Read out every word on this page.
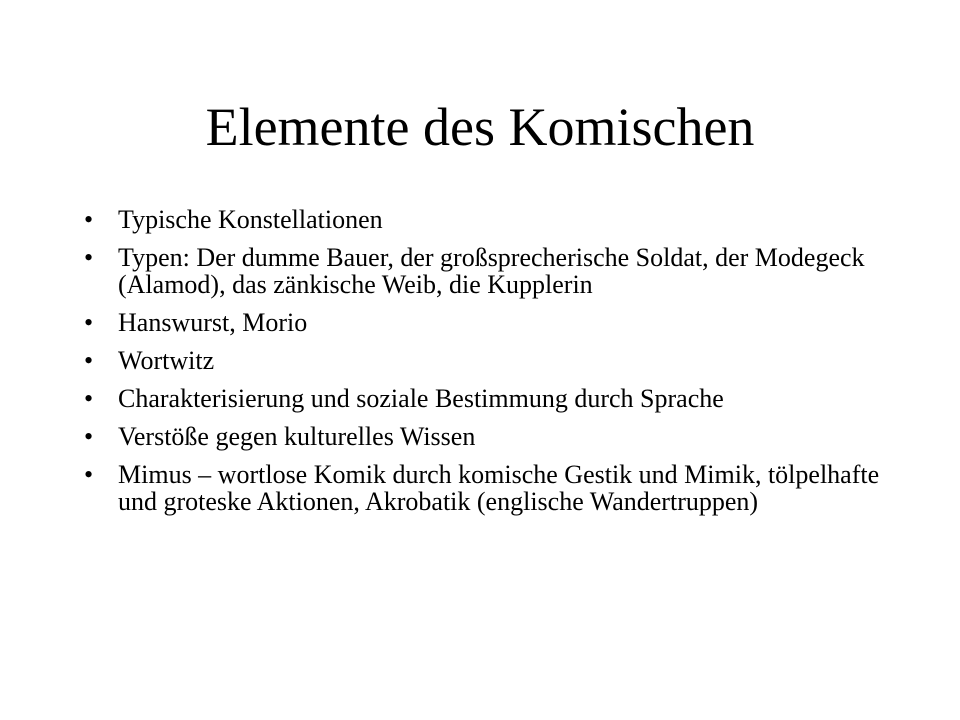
Elemente des Komischen
• Typische Konstellationen
• Typen: Der dumme Bauer, der großsprecherische Soldat, der Modegeck (Alamod), das zänkische Weib, die Kupplerin
• Hanswurst, Morio
• Wortwitz
• Charakterisierung und soziale Bestimmung durch Sprache
• Verstöße gegen kulturelles Wissen
• Mimus – wortlose Komik durch komische Gestik und Mimik, tölpelhafte und groteske Aktionen, Akrobatik (englische Wandertruppen)
